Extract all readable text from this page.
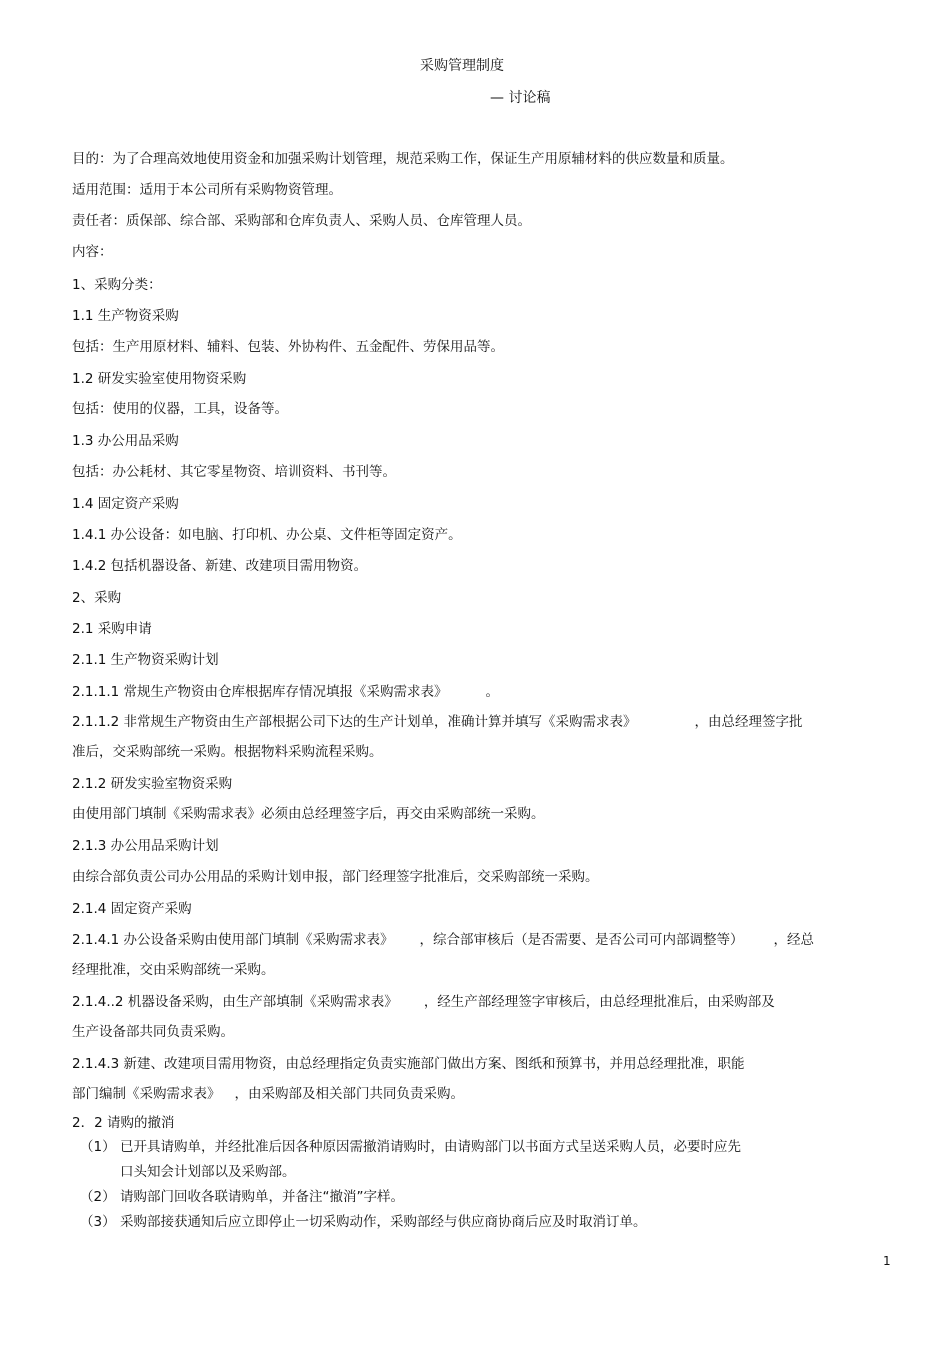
采购管理制度
— 讨论稿
目的：为了合理高效地使用资金和加强采购计划管理，规范采购工作，保证生产用原辅材料的供应数量和质量。
适用范围：适用于本公司所有采购物资管理。
责任者：质保部、综合部、采购部和仓库负责人、采购人员、仓库管理人员。
内容：
1、采购分类：
1.1 生产物资采购
包括：生产用原材料、辅料、包装、外协构件、五金配件、劳保用品等。
1.2 研发实验室使用物资采购
包括：使用的仪器，工具，设备等。
1.3 办公用品采购
包括：办公耗材、其它零星物资、培训资料、书刊等。
1.4 固定资产采购
1.4.1 办公设备：如电脑、打印机、办公桌、文件柜等固定资产。
1.4.2 包括机器设备、新建、改建项目需用物资。
2、采购
2.1 采购申请
2.1.1 生产物资采购计划
2.1.1.1 常规生产物资由仓库根据库存情况填报《采购需求表》	。
2.1.1.2 非常规生产物资由生产部根据公司下达的生产计划单，准确计算并填写《采购需求表》	，由总经理签字批
准后，交采购部统一采购。根据物料采购流程采购。
2.1.2 研发实验室物资采购
由使用部门填制《采购需求表》必须由总经理签字后，再交由采购部统一采购。
2.1.3 办公用品采购计划
由综合部负责公司办公用品的采购计划申报，部门经理签字批准后，交采购部统一采购。
2.1.4 固定资产采购
2.1.4.1 办公设备采购由使用部门填制《采购需求表》 ，综合部审核后（是否需要、是否公司可内部调整等） ，经总
经理批准，交由采购部统一采购。
2.1.4..2 机器设备采购，由生产部填制《采购需求表》 ，经生产部经理签字审核后，由总经理批准后，由采购部及
生产设备部共同负责采购。
2.1.4.3 新建、改建项目需用物资，由总经理指定负责实施部门做出方案、图纸和预算书，并用总经理批准，职能
部门编制《采购需求表》 ，由采购部及相关部门共同负责采购。
2．2 请购的撤消
（1） 已开具请购单，并经批准后因各种原因需撤消请购时，由请购部门以书面方式呈送采购人员，必要时应先
口头知会计划部以及采购部。
（2） 请购部门回收各联请购单，并备注“撤消”字样。
（3） 采购部接获通知后应立即停止一切采购动作，采购部经与供应商协商后应及时取消订单。
1
